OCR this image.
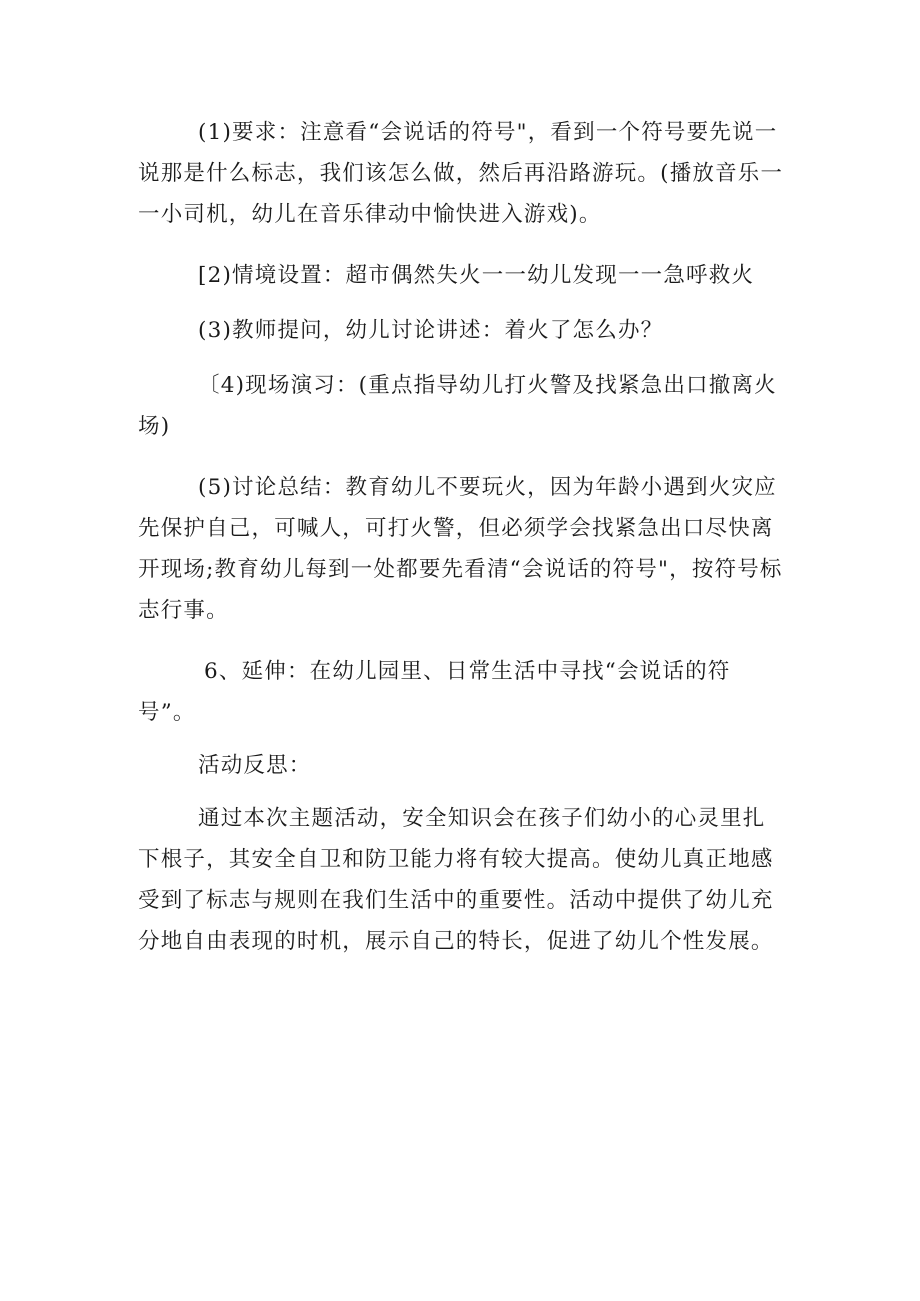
(1)要求：注意看“会说话的符号"，看到一个符号要先说一说那是什么标志，我们该怎么做，然后再沿路游玩。(播放音乐一一小司机，幼儿在音乐律动中愉快进入游戏)。

[2)情境设置：超市偶然失火一一幼儿发现一一急呼救火

(3)教师提问，幼儿讨论讲述：着火了怎么办？

〔4)现场演习：(重点指导幼儿打火警及找紧急出口撤离火场)

(5)讨论总结：教育幼儿不要玩火，因为年龄小遇到火灾应先保护自己，可喊人，可打火警，但必须学会找紧急出口尽快离开现场;教育幼儿每到一处都要先看清“会说话的符号"，按符号标志行事。

6、延伸：在幼儿园里、日常生活中寻找“会说话的符号”。

活动反思：

通过本次主题活动，安全知识会在孩子们幼小的心灵里扎下根子，其安全自卫和防卫能力将有较大提高。使幼儿真正地感受到了标志与规则在我们生活中的重要性。活动中提供了幼儿充分地自由表现的时机，展示自己的特长，促进了幼儿个性发展。
